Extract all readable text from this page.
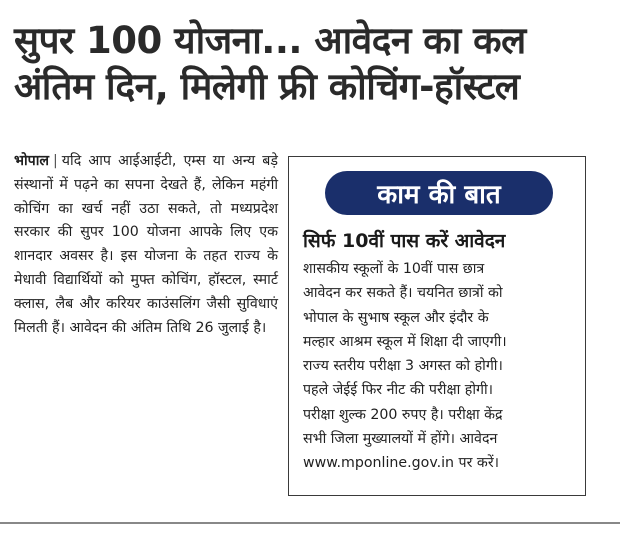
सुपर 100 योजना... आवेदन का कल
अंतिम दिन, मिलेगी फ्री कोचिंग-हॉस्टल
भोपाल | यदि आप आईआईटी, एम्स या अन्य बड़े संस्थानों में पढ़ने का सपना देखते हैं, लेकिन महंगी कोचिंग का खर्च नहीं उठा सकते, तो मध्यप्रदेश सरकार की सुपर 100 योजना आपके लिए एक शानदार अवसर है। इस योजना के तहत राज्य के मेधावी विद्यार्थियों को मुफ्त कोचिंग, हॉस्टल, स्मार्ट क्लास, लैब और करियर काउंसलिंग जैसी सुविधाएं मिलती हैं। आवेदन की अंतिम तिथि 26 जुलाई है।
काम की बात
सिर्फ 10वीं पास करें आवेदन
शासकीय स्कूलों के 10वीं पास छात्र
आवेदन कर सकते हैं। चयनित छात्रों को
भोपाल के सुभाष स्कूल और इंदौर के
मल्हार आश्रम स्कूल में शिक्षा दी जाएगी।
राज्य स्तरीय परीक्षा 3 अगस्त को होगी।
पहले जेईई फिर नीट की परीक्षा होगी।
परीक्षा शुल्क 200 रुपए है। परीक्षा केंद्र
सभी जिला मुख्यालयों में होंगे। आवेदन
www.mponline.gov.in पर करें।
